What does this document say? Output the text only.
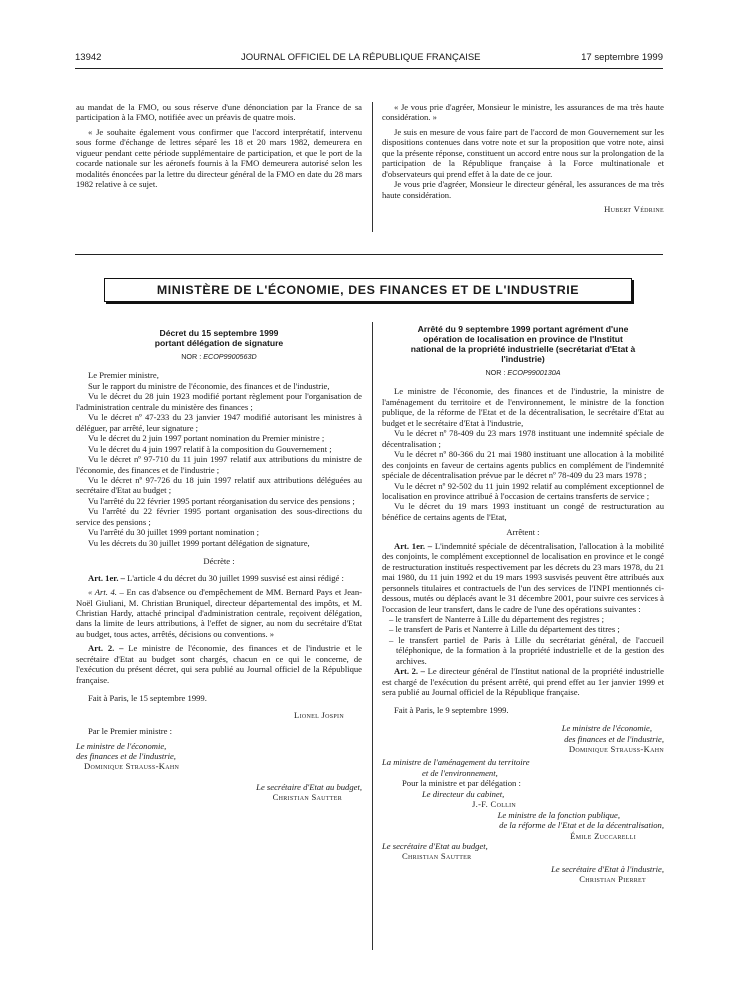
13942	JOURNAL OFFICIEL DE LA RÉPUBLIQUE FRANÇAISE	17 septembre 1999

au mandat de la FMO, ou sous réserve d'une dénonciation par la France de sa participation à la FMO, notifiée avec un préavis de quatre mois.

« Je souhaite également vous confirmer que l'accord interprétatif, intervenu sous forme d'échange de lettres séparé les 18 et 20 mars 1982, demeurera en vigueur pendant cette période supplémentaire de participation, et que le port de la cocarde nationale sur les aéronefs fournis à la FMO demeurera autorisé selon les modalités énoncées par la lettre du directeur général de la FMO en date du 28 mars 1982 relative à ce sujet.

« Je vous prie d'agréer, Monsieur le ministre, les assurances de ma très haute considération. »

Je suis en mesure de vous faire part de l'accord de mon Gouvernement sur les dispositions contenues dans votre note et sur la proposition que votre note, ainsi que la présente réponse, constituent un accord entre nous sur la prolongation de la participation de la République française à la Force multinationale et d'observateurs qui prend effet à la date de ce jour.

Je vous prie d'agréer, Monsieur le directeur général, les assurances de ma très haute considération.

Hubert Védrine

MINISTÈRE DE L'ÉCONOMIE, DES FINANCES ET DE L'INDUSTRIE

Décret du 15 septembre 1999

portant délégation de signature

NOR : ECOP9900563D

Le Premier ministre,

Sur le rapport du ministre de l'économie, des finances et de l'industrie,

Vu le décret du 28 juin 1923 modifié portant règlement pour l'organisation de l'administration centrale du ministère des finances ;

Vu le décret nº 47-233 du 23 janvier 1947 modifié autorisant les ministres à déléguer, par arrêté, leur signature ;

Vu le décret du 2 juin 1997 portant nomination du Premier ministre ;

Vu le décret du 4 juin 1997 relatif à la composition du Gouvernement ;

Vu le décret nº 97-710 du 11 juin 1997 relatif aux attributions du ministre de l'économie, des finances et de l'industrie ;

Vu le décret nº 97-726 du 18 juin 1997 relatif aux attributions déléguées au secrétaire d'Etat au budget ;

Vu l'arrêté du 22 février 1995 portant réorganisation du service des pensions ;

Vu l'arrêté du 22 février 1995 portant organisation des sous-directions du service des pensions ;

Vu l'arrêté du 30 juillet 1999 portant nomination ;

Vu les décrets du 30 juillet 1999 portant délégation de signature,

Décrète :

Art. 1er. – L'article 4 du décret du 30 juillet 1999 susvisé est ainsi rédigé :

« Art. 4. – En cas d'absence ou d'empêchement de MM. Bernard Pays et Jean-Noël Giuliani, M. Christian Bruniquel, directeur départemental des impôts, et M. Christian Hardy, attaché principal d'administration centrale, reçoivent délégation, dans la limite de leurs attributions, à l'effet de signer, au nom du secrétaire d'Etat au budget, tous actes, arrêtés, décisions ou conventions. »

Art. 2. – Le ministre de l'économie, des finances et de l'industrie et le secrétaire d'Etat au budget sont chargés, chacun en ce qui le concerne, de l'exécution du présent décret, qui sera publié au Journal officiel de la République française.

Fait à Paris, le 15 septembre 1999.

Lionel Jospin

Par le Premier ministre :

Le ministre de l'économie,

des finances et de l'industrie,

Dominique Strauss-Kahn

Le secrétaire d'Etat au budget,

Christian Sautter

Arrêté du 9 septembre 1999 portant agrément d'une

opération de localisation en province de l'Institut

national de la propriété industrielle (secrétariat d'Etat à

l'industrie)

NOR : ECOP9900130A

Le ministre de l'économie, des finances et de l'industrie, la ministre de l'aménagement du territoire et de l'environnement, le ministre de la fonction publique, de la réforme de l'Etat et de la décentralisation, le secrétaire d'Etat au budget et le secrétaire d'Etat à l'industrie,

Vu le décret nº 78-409 du 23 mars 1978 instituant une indemnité spéciale de décentralisation ;

Vu le décret nº 80-366 du 21 mai 1980 instituant une allocation à la mobilité des conjoints en faveur de certains agents publics en complément de l'indemnité spéciale de décentralisation prévue par le décret nº 78-409 du 23 mars 1978 ;

Vu le décret nº 92-502 du 11 juin 1992 relatif au complément exceptionnel de localisation en province attribué à l'occasion de certains transferts de service ;

Vu le décret du 19 mars 1993 instituant un congé de restructuration au bénéfice de certains agents de l'Etat,

Arrêtent :

Art. 1er. – L'indemnité spéciale de décentralisation, l'allocation à la mobilité des conjoints, le complément exceptionnel de localisation en province et le congé de restructuration institués respectivement par les décrets du 23 mars 1978, du 21 mai 1980, du 11 juin 1992 et du 19 mars 1993 susvisés peuvent être attribués aux personnels titulaires et contractuels de l'un des services de l'INPI mentionnés ci-dessous, mutés ou déplacés avant le 31 décembre 2001, pour suivre ces services à l'occasion de leur transfert, dans le cadre de l'une des opérations suivantes :

– le transfert de Nanterre à Lille du département des registres ;

– le transfert de Paris et Nanterre à Lille du département des titres ;

– le transfert partiel de Paris à Lille du secrétariat général, de l'accueil téléphonique, de la formation à la propriété industrielle et de la gestion des archives.

Art. 2. – Le directeur général de l'Institut national de la propriété industrielle est chargé de l'exécution du présent arrêté, qui prend effet au 1er janvier 1999 et sera publié au Journal officiel de la République française.

Fait à Paris, le 9 septembre 1999.

Le ministre de l'économie,

des finances et de l'industrie,

Dominique Strauss-Kahn

La ministre de l'aménagement du territoire

et de l'environnement,

Pour la ministre et par délégation :

Le directeur du cabinet,

J.-F. Collin

Le ministre de la fonction publique,

de la réforme de l'Etat et de la décentralisation,

Émile Zuccarelli

Le secrétaire d'Etat au budget,

Christian Sautter

Le secrétaire d'Etat à l'industrie,

Christian Pierret
